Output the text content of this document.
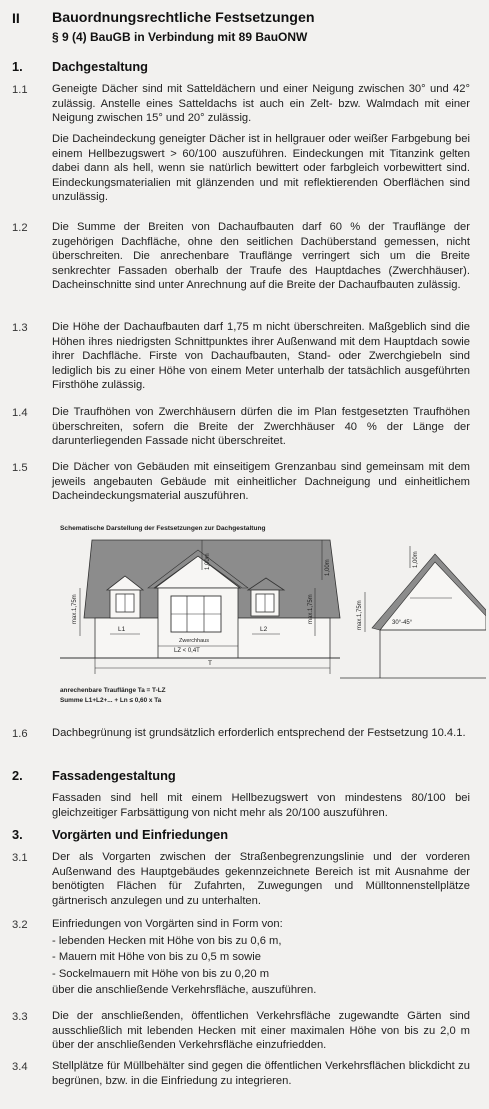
II Bauordnungsrechtliche Festsetzungen
§ 9 (4) BauGB in Verbindung mit 89 BauONW
1. Dachgestaltung
1.1 Geneigte Dächer sind mit Satteldächern und einer Neigung zwischen 30° und 42° zulässig. Anstelle eines Satteldachs ist auch ein Zelt- bzw. Walmdach mit einer Neigung zwischen 15° und 20° zulässig.
Die Dacheindeckung geneigter Dächer ist in hellgrauer oder weißer Farbgebung bei einem Hellbezugswert > 60/100 auszuführen. Eindeckungen mit Titanzink gelten dabei dann als hell, wenn sie natürlich bewittert oder farbgleich vorbewittert sind. Eindeckungsmaterialien mit glänzenden und mit reflektierenden Oberflächen sind unzulässig.
1.2 Die Summe der Breiten von Dachaufbauten darf 60 % der Trauflänge der zugehörigen Dachfläche, ohne den seitlichen Dachüberstand gemessen, nicht überschreiten. Die anrechenbare Trauflänge verringert sich um die Breite senkrechter Fassaden oberhalb der Traufe des Hauptdaches (Zwerchhäuser). Dacheinschnitte sind unter Anrechnung auf die Breite der Dachaufbauten zulässig.
1.3 Die Höhe der Dachaufbauten darf 1,75 m nicht überschreiten. Maßgeblich sind die Höhen ihres niedrigsten Schnittpunktes ihrer Außenwand mit dem Hauptdach sowie ihrer Dachfläche. Firste von Dachaufbauten, Stand- oder Zwerchgiebeln sind lediglich bis zu einer Höhe von einem Meter unterhalb der tatsächlich ausgeführten Firsthöhe zulässig.
1.4 Die Traufhöhen von Zwerchhäusern dürfen die im Plan festgesetzten Traufhöhen überschreiten, sofern die Breite der Zwerchhäuser 40 % der Länge der darunterliegenden Fassade nicht überschreitet.
1.5 Die Dächer von Gebäuden mit einseitigem Grenzanbau sind gemeinsam mit dem jeweils angebauten Gebäude mit einheitlicher Dachneigung und einheitlichem Dacheindeckungsmaterial auszuführen.
Schematische Darstellung der Festsetzungen zur Dachgestaltung
max.1,75m	max.1,75m
1,00m	1,00m
L1	L2
Zwerchhaus
LZ < 0,4T
T
max.1,75m
1,00m
30°-45°
anrechenbare Trauflänge Ta = T-LZ
Summe L1+L2+... + Ln ≤ 0,60 x Ta
1.6 Dachbegrünung ist grundsätzlich erforderlich entsprechend der Festsetzung 10.4.1.
2. Fassadengestaltung
Fassaden sind hell mit einem Hellbezugswert von mindestens 80/100 bei gleichzeitiger Farbsättigung von nicht mehr als 20/100 auszuführen.
3. Vorgärten und Einfriedungen
3.1 Der als Vorgarten zwischen der Straßenbegrenzungslinie und der vorderen Außenwand des Hauptgebäudes gekennzeichnete Bereich ist mit Ausnahme der benötigten Flächen für Zufahrten, Zuwegungen und Mülltonnenstellplätze gärtnerisch anzulegen und zu unterhalten.
3.2 Einfriedungen von Vorgärten sind in Form von:
- lebenden Hecken mit Höhe von bis zu 0,6 m,
- Mauern mit Höhe von bis zu 0,5 m sowie
- Sockelmauern mit Höhe von bis zu 0,20 m
über die anschließende Verkehrsfläche, auszuführen.
3.3 Die der anschließenden, öffentlichen Verkehrsfläche zugewandte Gärten sind ausschließlich mit lebenden Hecken mit einer maximalen Höhe von bis zu 2,0 m über der anschließenden Verkehrsfläche einzufriedden.
3.4 Stellplätze für Müllbehälter sind gegen die öffentlichen Verkehrsflächen blickdicht zu begrünen, bzw. in die Einfriedung zu integrieren.
